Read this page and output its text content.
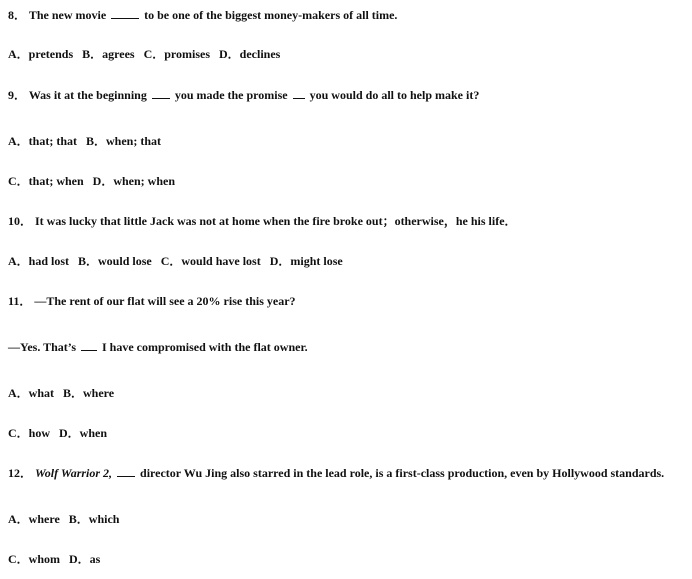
8． The new movie	to be one of the biggest money-makers of all time.
A．pretends B．agrees C．promises D．declines
9． Was it at the beginning you made the promise you would do all to help make it?
A．that; that B．when; that
C．that; when D．when; when
10． It was lucky that little Jack was not at home when the fire broke out；otherwise，he his life．
A．had lost B．would lose C．would have lost D．might lose
11． —The rent of our flat will see a 20% rise this year?
—Yes. That’s I have compromised with the flat owner.
A．what B．where
C．how D．when
12． Wolf Warrior 2, director Wu Jing also starred in the lead role, is a first-class production, even by Hollywood standards.
A．where B．which
C．whom D．as
